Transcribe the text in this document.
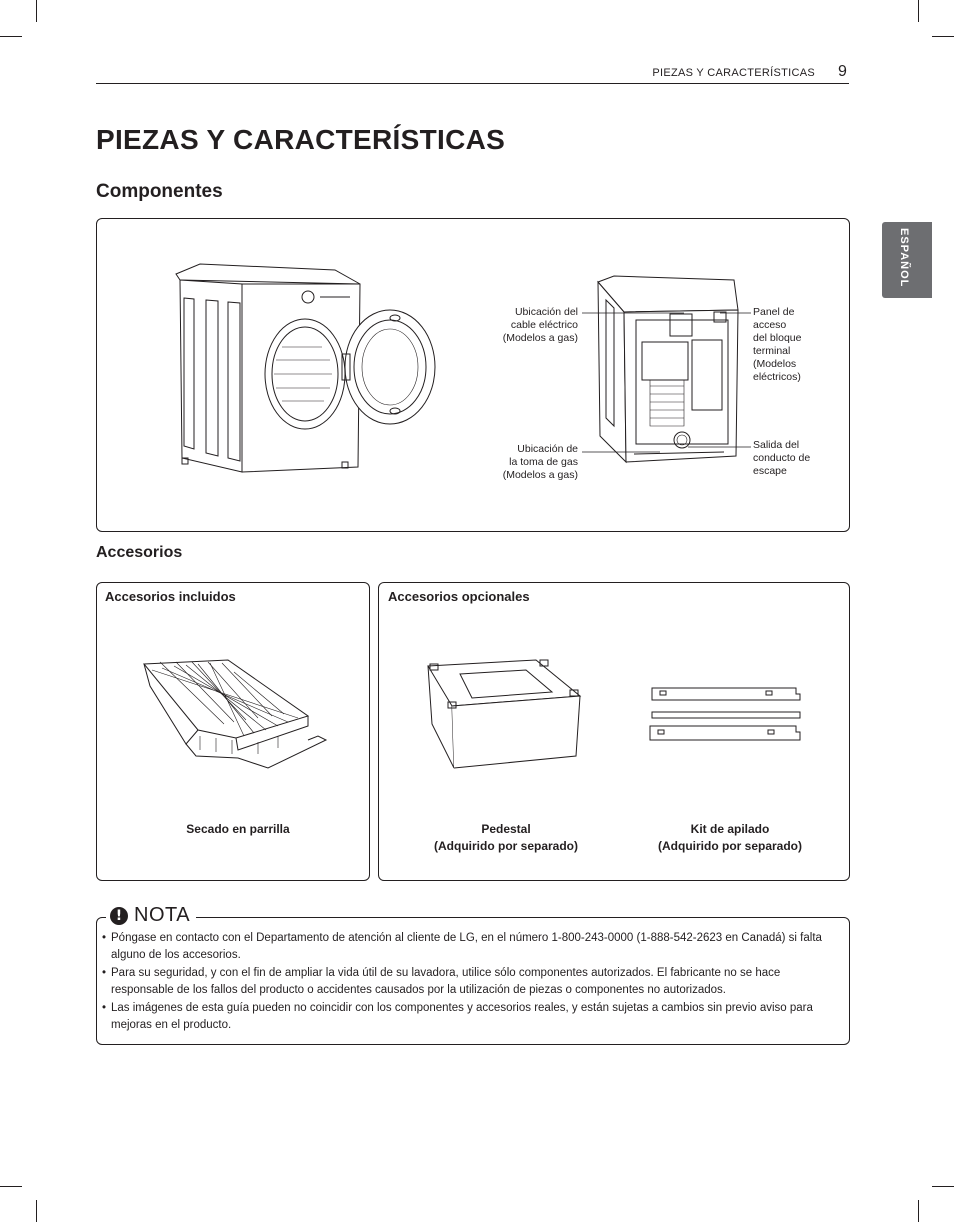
PIEZAS Y CARACTERÍSTICAS 9
ESPAÑOL
PIEZAS Y CARACTERÍSTICAS
Componentes
Ubicación del
cable eléctrico
(Modelos a gas)
Ubicación de
la toma de gas
(Modelos a gas)
Panel de
acceso
del bloque
terminal
(Modelos
eléctricos)
Salida del
conducto de
escape
Accesorios
Accesorios incluidos
Secado en parrilla
Accesorios opcionales
Pedestal
(Adquirido por separado)
Kit de apilado
(Adquirido por separado)
! NOTA
• Póngase en contacto con el Departamento de atención al cliente de LG, en el número 1-800-243-0000 (1-888-542-2623 en Canadá) si falta alguno de los accesorios.
• Para su seguridad, y con el fin de ampliar la vida útil de su lavadora, utilice sólo componentes autorizados. El fabricante no se hace responsable de los fallos del producto o accidentes causados por la utilización de piezas o componentes no autorizados.
• Las imágenes de esta guía pueden no coincidir con los componentes y accesorios reales, y están sujetas a cambios sin previo aviso para mejoras en el producto.
